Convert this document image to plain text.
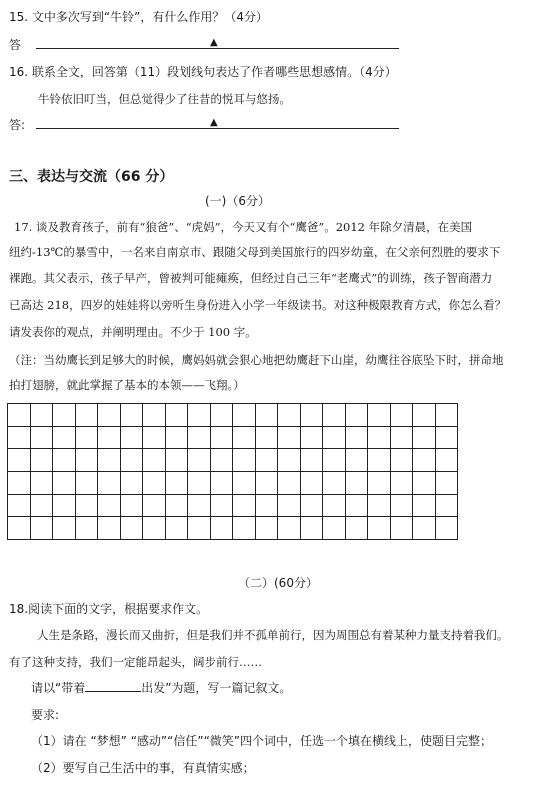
15. 文中多次写到“牛铃”，有什么作用？（4分）
答	▲
16. 联系全文，回答第（11）段划线句表达了作者哪些思想感情。（4分）
牛铃依旧叮当，但总觉得少了往昔的悦耳与悠扬。
答:	▲
三、表达与交流（66 分）
(一)（6分）
17. 谈及教育孩子，前有“狼爸”、“虎妈”，今天又有个“鹰爸”。2012 年除夕清晨，在美国
纽约-13℃的暴雪中，一名来自南京市、跟随父母到美国旅行的四岁幼童，在父亲何烈胜的要求下
裸跑。其父表示，孩子早产，曾被判可能瘫痪，但经过自己三年“老鹰式”的训练，孩子智商潜力
已高达 218，四岁的娃娃将以旁听生身份进入小学一年级读书。对这种极限教育方式，你怎么看？
请发表你的观点，并阐明理由。不少于 100 字。
（注：当幼鹰长到足够大的时候，鹰妈妈就会狠心地把幼鹰赶下山崖，幼鹰往谷底坠下时，拼命地
拍打翅膀，就此掌握了基本的本领——飞翔。）
（二）(60分）
18.阅读下面的文字，根据要求作文。
人生是条路，漫长而又曲折，但是我们并不孤单前行，因为周围总有着某种力量支持着我们。
有了这种支持，我们一定能昂起头，阔步前行……
请以“带着	出发”为题，写一篇记叙文。
要求:
（1）请在 “梦想” “感动”“信任”“微笑”四个词中，任选一个填在横线上，使题目完整；
（2）要写自己生活中的事，有真情实感；
